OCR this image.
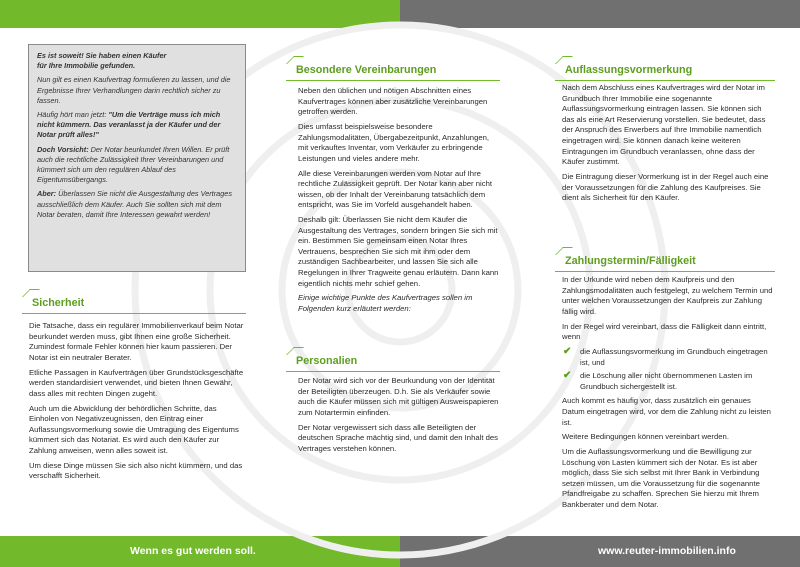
Wenn es gut werden soll.	www.reuter-immobilien.info

Es ist soweit! Sie haben einen Käufer
für Ihre Immobilie gefunden.

Nun gilt es einen Kaufvertrag formulieren zu lassen, und die Ergebnisse Ihrer Verhandlungen darin rechtlich sicher zu fassen.

Häufig hört man jetzt: "Um die Verträge muss ich mich nicht kümmern. Das veranlasst ja der Käufer und der Notar prüft alles!"

Doch Vorsicht: Der Notar beurkundet Ihren Willen. Er prüft auch die rechtliche Zulässigkeit Ihrer Vereinbarungen und kümmert sich um den regulären Ablauf des Eigentumsübergangs.

Aber: Überlassen Sie nicht die Ausgestaltung des Vertrages ausschließlich dem Käufer. Auch Sie sollten sich mit dem Notar beraten, damit Ihre Interessen gewahrt werden!

Sicherheit

Die Tatsache, dass ein regulärer Immobilienverkauf beim Notar beurkundet werden muss, gibt Ihnen eine große Sicherheit. Zumindest formale Fehler können hier kaum passieren. Der Notar ist ein neutraler Berater.

Etliche Passagen in Kaufverträgen über Grundstücksgeschäfte werden standardisiert verwendet, und bieten Ihnen Gewähr, dass alles mit rechten Dingen zugeht.

Auch um die Abwicklung der behördlichen Schritte, das Einholen von Negativzeugnissen, den Eintrag einer Auflassungsvormerkung sowie die Umtragung des Eigentums kümmert sich das Notariat. Es wird auch den Käufer zur Zahlung anweisen, wenn alles soweit ist.

Um diese Dinge müssen Sie sich also nicht kümmern, und das verschafft Sicherheit.

Besondere Vereinbarungen

Neben den üblichen und nötigen Abschnitten eines Kaufvertrages können aber zusätzliche Vereinbarungen getroffen werden.

Dies umfasst beispielsweise besondere Zahlungsmodalitäten, Übergabezeitpunkt, Anzahlungen, mit verkauftes Inventar, vom Verkäufer zu erbringende Leistungen und vieles andere mehr.

Alle diese Vereinbarungen werden vom Notar auf Ihre rechtliche Zulässigkeit geprüft. Der Notar kann aber nicht wissen, ob der Inhalt der Vereinbarung tatsächlich dem entspricht, was Sie im Vorfeld ausgehandelt haben.

Deshalb gilt: Überlassen Sie nicht dem Käufer die Ausgestaltung des Vertrages, sondern bringen Sie sich mit ein. Bestimmen Sie gemeinsam einen Notar Ihres Vertrauens, besprechen Sie sich mit ihm oder dem zuständigen Sachbearbeiter, und lassen Sie sich alle Regelungen in Ihrer Tragweite genau erläutern. Dann kann eigentlich nichts mehr schief gehen.

Einige wichtige Punkte des Kaufvertrages sollen im Folgenden kurz erläutert werden:

Personalien

Der Notar wird sich vor der Beurkundung von der Identität der Beteiligten überzeugen. D.h. Sie als Verkäufer sowie auch die Käufer müssen sich mit gültigen Ausweispapieren zum Notartermin einfinden.

Der Notar vergewissert sich dass alle Beteiligten der deutschen Sprache mächtig sind, und damit den Inhalt des Vertrages verstehen können.

Auflassungsvormerkung

Nach dem Abschluss eines Kaufvertrages wird der Notar im Grundbuch Ihrer Immobilie eine sogenannte Auflassungsvormerkung eintragen lassen. Sie können sich das als eine Art Reservierung vorstellen. Sie bedeutet, dass der Anspruch des Erwerbers auf Ihre Immobilie namentlich eingetragen wird. Sie können danach keine weiteren Eintragungen im Grundbuch veranlassen, ohne dass der Käufer zustimmt.

Die Eintragung dieser Vormerkung ist in der Regel auch eine der Voraussetzungen für die Zahlung des Kaufpreises. Sie dient als Sicherheit für den Käufer.

Zahlungstermin/Fälligkeit

In der Urkunde wird neben dem Kaufpreis und den Zahlungsmodalitäten auch festgelegt, zu welchem Termin und unter welchen Voraussetzungen der Kaufpreis zur Zahlung fällig wird.

In der Regel wird vereinbart, dass die Fälligkeit dann eintritt, wenn

✔ die Auflassungsvormerkung im Grundbuch eingetragen ist, und
✔ die Löschung aller nicht übernommenen Lasten im Grundbuch sichergestellt ist.

Auch kommt es häufig vor, dass zusätzlich ein genaues Datum eingetragen wird, vor dem die Zahlung nicht zu leisten ist.

Weitere Bedingungen können vereinbart werden.

Um die Auflassungsvormerkung und die Bewilligung zur Löschung von Lasten kümmert sich der Notar. Es ist aber möglich, dass Sie sich selbst mit Ihrer Bank in Verbindung setzen müssen, um die Voraussetzung für die sogenannte Pfandfreigabe zu schaffen. Sprechen Sie hierzu mit Ihrem Bankberater und dem Notar.
